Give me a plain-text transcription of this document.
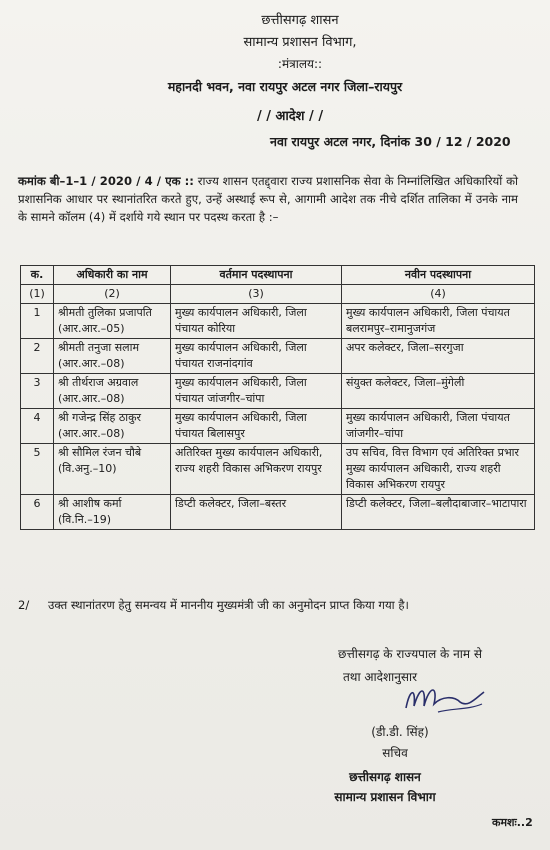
छत्तीसगढ़ शासन
सामान्य प्रशासन विभाग,
:मंत्रालय::
महानदी भवन, नवा रायपुर अटल नगर जिला–रायपुर
/ / आदेश / /
नवा रायपुर अटल नगर, दिनांक 30 / 12 / 2020
कमांक बी–1–1 / 2020 / 4 / एक :: राज्य शासन एतद्द्वारा राज्य प्रशासनिक सेवा के निम्नांलिखित अधिकारियों को प्रशासनिक आधार पर स्थानांतरित करते हुए, उन्हें अस्थाई रूप से, आगामी आदेश तक नीचे दर्शित तालिका में उनके नाम के सामने कॉलम (4) में दर्शाये गये स्थान पर पदस्थ करता है :–
क.	अधिकारी का नाम	वर्तमान पदस्थापना	नवीन पदस्थापना
(1)	(2)	(3)	(4)
1	श्रीमती तुलिका प्रजापति
(आर.आर.–05)	मुख्य कार्यपालन अधिकारी, जिला पंचायत कोरिया	मुख्य कार्यपालन अधिकारी, जिला पंचायत बलरामपुर–रामानुजगंज
2	श्रीमती तनुजा सलाम
(आर.आर.–08)	मुख्य कार्यपालन अधिकारी, जिला पंचायत राजनांदगांव	अपर कलेक्टर, जिला–सरगुजा
3	श्री तीर्थराज अग्रवाल
(आर.आर.–08)	मुख्य कार्यपालन अधिकारी, जिला पंचायत जांजगीर–चांपा	संयुक्त कलेक्टर, जिला–मुंगेली
4	श्री गजेन्द्र सिंह ठाकुर
(आर.आर.–08)	मुख्य कार्यपालन अधिकारी, जिला पंचायत बिलासपुर	मुख्य कार्यपालन अधिकारी, जिला पंचायत जांजगीर–चांपा
5	श्री सौमिल रंजन चौबे
(वि.अनु.–10)	अतिरिक्त मुख्य कार्यपालन अधिकारी, राज्य शहरी विकास अभिकरण रायपुर	उप सचिव, वित्त विभाग एवं अतिरिक्त प्रभार मुख्य कार्यपालन अधिकारी, राज्य शहरी विकास अभिकरण रायपुर
6	श्री आशीष कर्मा
(वि.नि.–19)	डिप्टी कलेक्टर, जिला–बस्तर	डिप्टी कलेक्टर, जिला–बलौदाबाजार–भाटापारा
2/ उक्त स्थानांतरण हेतु समन्वय में माननीय मुख्यमंत्री जी का अनुमोदन प्राप्त किया गया है।
छत्तीसगढ़ के राज्यपाल के नाम से
तथा आदेशानुसार
(डी.डी. सिंह)
सचिव
छत्तीसगढ़ शासन
सामान्य प्रशासन विभाग
कमशः..2
